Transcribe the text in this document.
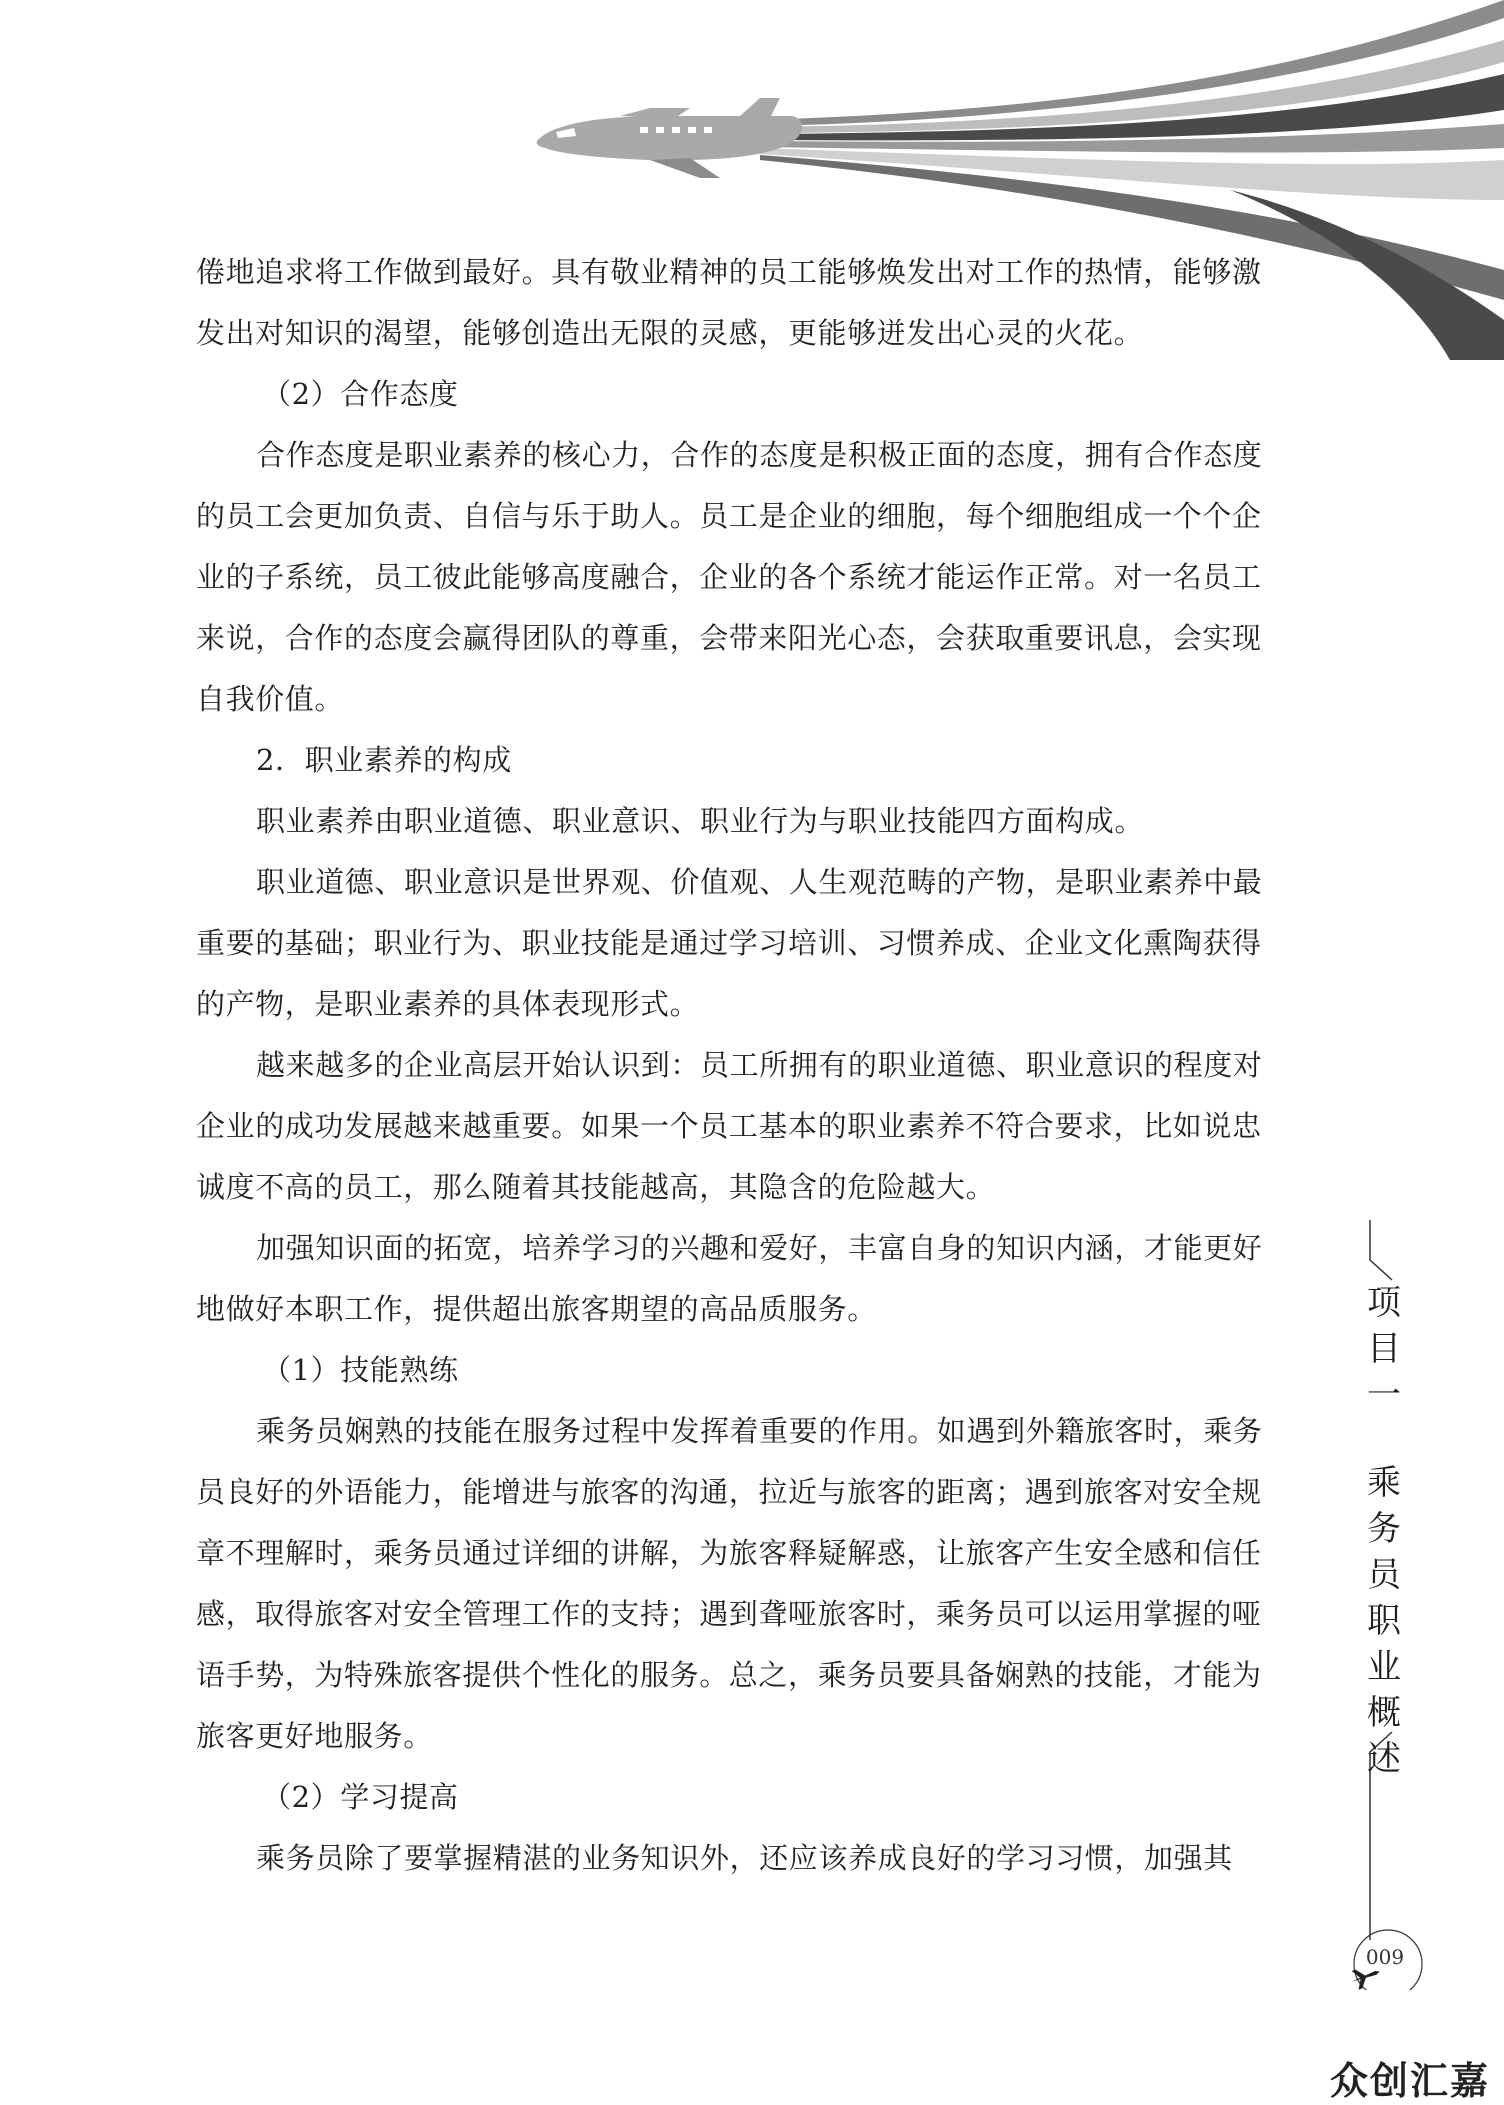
倦地追求将工作做到最好。具有敬业精神的员工能够焕发出对工作的热情，能够激
发出对知识的渴望，能够创造出无限的灵感，更能够迸发出心灵的火花。
（2）合作态度
合作态度是职业素养的核心力，合作的态度是积极正面的态度，拥有合作态度
的员工会更加负责、自信与乐于助人。员工是企业的细胞，每个细胞组成一个个企
业的子系统，员工彼此能够高度融合，企业的各个系统才能运作正常。对一名员工
来说，合作的态度会赢得团队的尊重，会带来阳光心态，会获取重要讯息，会实现
自我价值。
2．职业素养的构成
职业素养由职业道德、职业意识、职业行为与职业技能四方面构成。
职业道德、职业意识是世界观、价值观、人生观范畴的产物，是职业素养中最
重要的基础；职业行为、职业技能是通过学习培训、习惯养成、企业文化熏陶获得
的产物，是职业素养的具体表现形式。
越来越多的企业高层开始认识到：员工所拥有的职业道德、职业意识的程度对
企业的成功发展越来越重要。如果一个员工基本的职业素养不符合要求，比如说忠
诚度不高的员工，那么随着其技能越高，其隐含的危险越大。
加强知识面的拓宽，培养学习的兴趣和爱好，丰富自身的知识内涵，才能更好
地做好本职工作，提供超出旅客期望的高品质服务。
（1）技能熟练
乘务员娴熟的技能在服务过程中发挥着重要的作用。如遇到外籍旅客时，乘务
员良好的外语能力，能增进与旅客的沟通，拉近与旅客的距离；遇到旅客对安全规
章不理解时，乘务员通过详细的讲解，为旅客释疑解惑，让旅客产生安全感和信任
感，取得旅客对安全管理工作的支持；遇到聋哑旅客时，乘务员可以运用掌握的哑
语手势，为特殊旅客提供个性化的服务。总之，乘务员要具备娴熟的技能，才能为
旅客更好地服务。
（2）学习提高
乘务员除了要掌握精湛的业务知识外，还应该养成良好的学习习惯，加强其
项
目
一
乘
务
员
职
业
概
述
009
众创汇嘉
